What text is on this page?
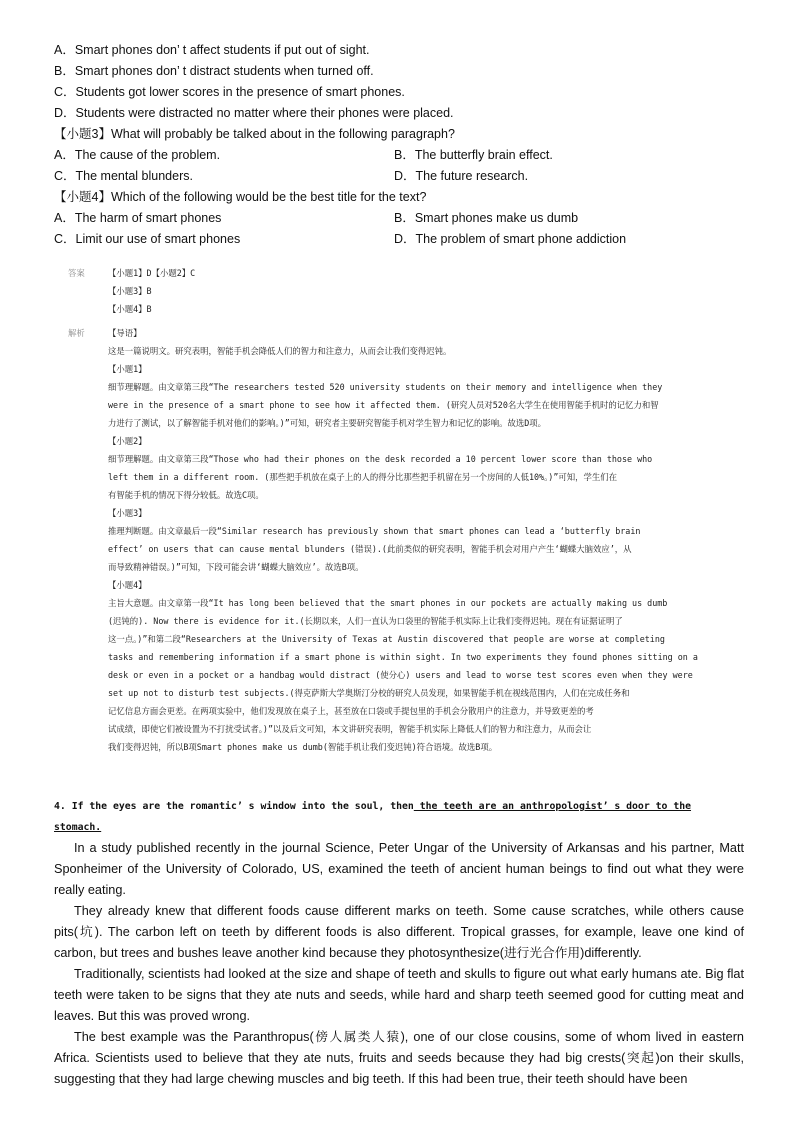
A．Smart phones don’ t affect students if put out of sight.
B．Smart phones don’ t distract students when turned off.
C．Students got lower scores in the presence of smart phones.
D．Students were distracted no matter where their phones were placed.
【小题3】What will probably be talked about in the following paragraph?
A．The cause of the problem.	B．The butterfly brain effect.
C．The mental blunders.	D．The future research.
【小题4】Which of the following would be the best title for the text?
A．The harm of smart phones	B．Smart phones make us dumb
C．Limit our use of smart phones	D．The problem of smart phone addiction
答案	【小题1】D【小题2】C
【小题3】B
【小题4】B
解析	【导语】
这是一篇说明文。研究表明，智能手机会降低人们的智力和注意力，从而会让我们变得迟钝。
【小题1】
细节理解题。由文章第三段“The researchers tested 520 university students on their memory and intelligence when they
were in the presence of a smart phone to see how it affected them. (研究人员对520名大学生在使用智能手机时的记忆力和智
力进行了测试，以了解智能手机对他们的影响。)”可知，研究者主要研究智能手机对学生智力和记忆的影响。故选D项。
【小题2】
细节理解题。由文章第三段“Those who had their phones on the desk recorded a 10 percent lower score than those who
left them in a different room. (那些把手机放在桌子上的人的得分比那些把手机留在另一个房间的人低10%。)”可知，学生们在
有智能手机的情况下得分较低。故选C项。
【小题3】
推理判断题。由文章最后一段“Similar research has previously shown that smart phones can lead a ‘butterfly brain
effect’ on users that can cause mental blunders (错误).(此前类似的研究表明，智能手机会对用户产生‘蝴蝶大脑效应’，从
而导致精神错误。)”可知，下段可能会讲‘蝴蝶大脑效应’。故选B项。
【小题4】
主旨大意题。由文章第一段“It has long been believed that the smart phones in our pockets are actually making us dumb
(迟钝的). Now there is evidence for it.(长期以来，人们一直认为口袋里的智能手机实际上让我们变得迟钝。现在有证据证明了
这一点。)”和第二段“Researchers at the University of Texas at Austin discovered that people are worse at completing
tasks and remembering information if a smart phone is within sight. In two experiments they found phones sitting on a
desk or even in a pocket or a handbag would distract (使分心) users and lead to worse test scores even when they were
set up not to disturb test subjects.(得克萨斯大学奥斯汀分校的研究人员发现，如果智能手机在视线范围内，人们在完成任务和
记忆信息方面会更差。在两项实验中，他们发现放在桌子上，甚至放在口袋或手提包里的手机会分散用户的注意力，并导致更差的考
试成绩，即使它们被设置为不打扰受试者。)”以及后文可知，本文讲研究表明，智能手机实际上降低人们的智力和注意力，从而会让
我们变得迟钝，所以B项Smart phones make us dumb(智能手机让我们变迟钝)符合语境。故选B项。
4. If the eyes are the romantic’ s window into the soul, then the teeth are an anthropologist’ s door to the stomach.

In a study published recently in the journal Science, Peter Ungar of the University of Arkansas and his partner, Matt Sponheimer of the University of Colorado, US, examined the teeth of ancient human beings to find out what they were really eating.

They already knew that different foods cause different marks on teeth. Some cause scratches, while others cause pits(坑). The carbon left on teeth by different foods is also different. Tropical grasses, for example, leave one kind of carbon, but trees and bushes leave another kind because they photosynthesize(进行光合作用)differently.

Traditionally, scientists had looked at the size and shape of teeth and skulls to figure out what early humans ate. Big flat teeth were taken to be signs that they ate nuts and seeds, while hard and sharp teeth seemed good for cutting meat and leaves. But this was proved wrong.

The best example was the Paranthropus(傍人属类人猿), one of our close cousins, some of whom lived in eastern Africa. Scientists used to believe that they ate nuts, fruits and seeds because they had big crests(突起)on their skulls, suggesting that they had large chewing muscles and big teeth. If this had been true, their teeth should have been
